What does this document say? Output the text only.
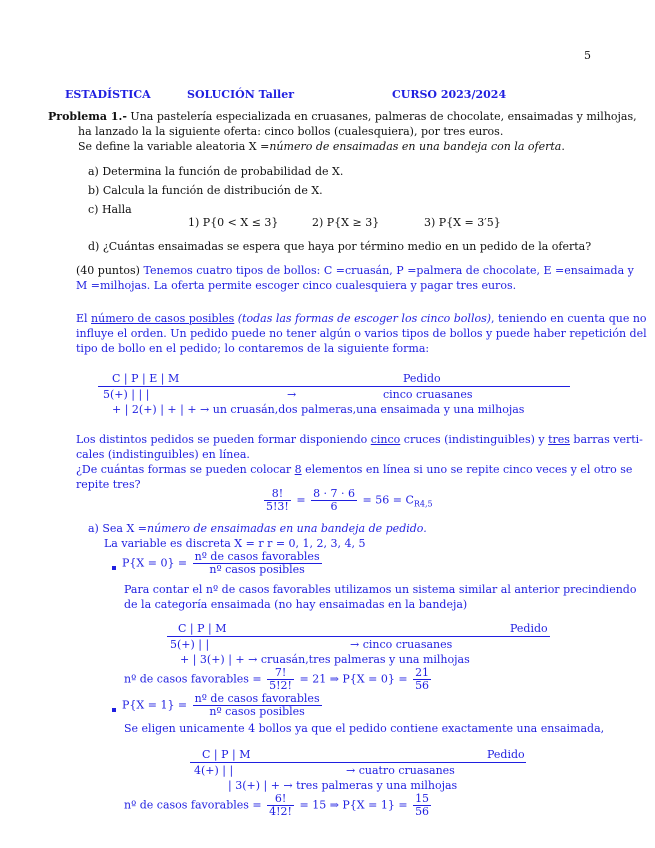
5
ESTADÍSTICA	SOLUCIÓN Taller	CURSO 2023/2024
Problema 1.- Una pastelería especializada en cruasanes, palmeras de chocolate, ensaimadas y milhojas,
ha lanzado la la siguiente oferta: cinco bollos (cualesquiera), por tres euros.
Se define la variable aleatoria X =número de ensaimadas en una bandeja con la oferta.
a) Determina la función de probabilidad de X.
b) Calcula la función de distribución de X.
c) Halla
1) P{0 < X ≤ 3}	2) P{X ≥ 3}	3) P{X = 3′5}
d) ¿Cuántas ensaimadas se espera que haya por término medio en un pedido de la oferta?
(40 puntos) Tenemos cuatro tipos de bollos: C =cruasán, P =palmera de chocolate, E =ensaimada y
M =milhojas. La oferta permite escoger cinco cualesquiera y pagar tres euros.
El número de casos posibles (todas las formas de escoger los cinco bollos), teniendo en cuenta que no
influye el orden. Un pedido puede no tener algún o varios tipos de bollos y puede haber repetición del
tipo de bollo en el pedido; lo contaremos de la siguiente forma:
C | P | E | M	Pedido
5(+) | | |	→	cinco cruasanes
+ | 2(+) | + | + → un cruasán,dos palmeras,una ensaimada y una milhojas
Los distintos pedidos se pueden formar disponiendo cinco cruces (indistinguibles) y tres barras verti-
cales (indistinguibles) en línea.
¿De cuántas formas se pueden colocar 8 elementos en línea si uno se repite cinco veces y el otro se
repite tres?
$\frac{8!}{5!3!} = \frac{8 \cdot 7 \cdot 6}{6} = 56 = C_{R4,5}$
a) Sea X =número de ensaimadas en una bandeja de pedido.
La variable es discreta X = r r = 0, 1, 2, 3, 4, 5
$P\{X = 0\} = \frac{\text{nº de casos favorables}}{\text{nº casos posibles}}$
Para contar el nº de casos favorables utilizamos un sistema similar al anterior precindiendo
de la categoría ensaimada (no hay ensaimadas en la bandeja)
C | P | M	Pedido
5(+) | |	→ cinco cruasanes
+ | 3(+) | + → cruasán,tres palmeras y una milhojas
nº de casos favorables = $\frac{7!}{5!2!} = 21$ ⇒ $P\{X = 0\} = \frac{21}{56}$
$P\{X = 1\} = \frac{\text{nº de casos favorables}}{\text{nº casos posibles}}$
Se eligen unicamente 4 bollos ya que el pedido contiene exactamente una ensaimada,
C | P | M	Pedido
4(+) | |	→ cuatro cruasanes
| 3(+) | + → tres palmeras y una milhojas
nº de casos favorables = $\frac{6!}{4!2!} = 15$ ⇒ $P\{X = 1\} = \frac{15}{56}$
